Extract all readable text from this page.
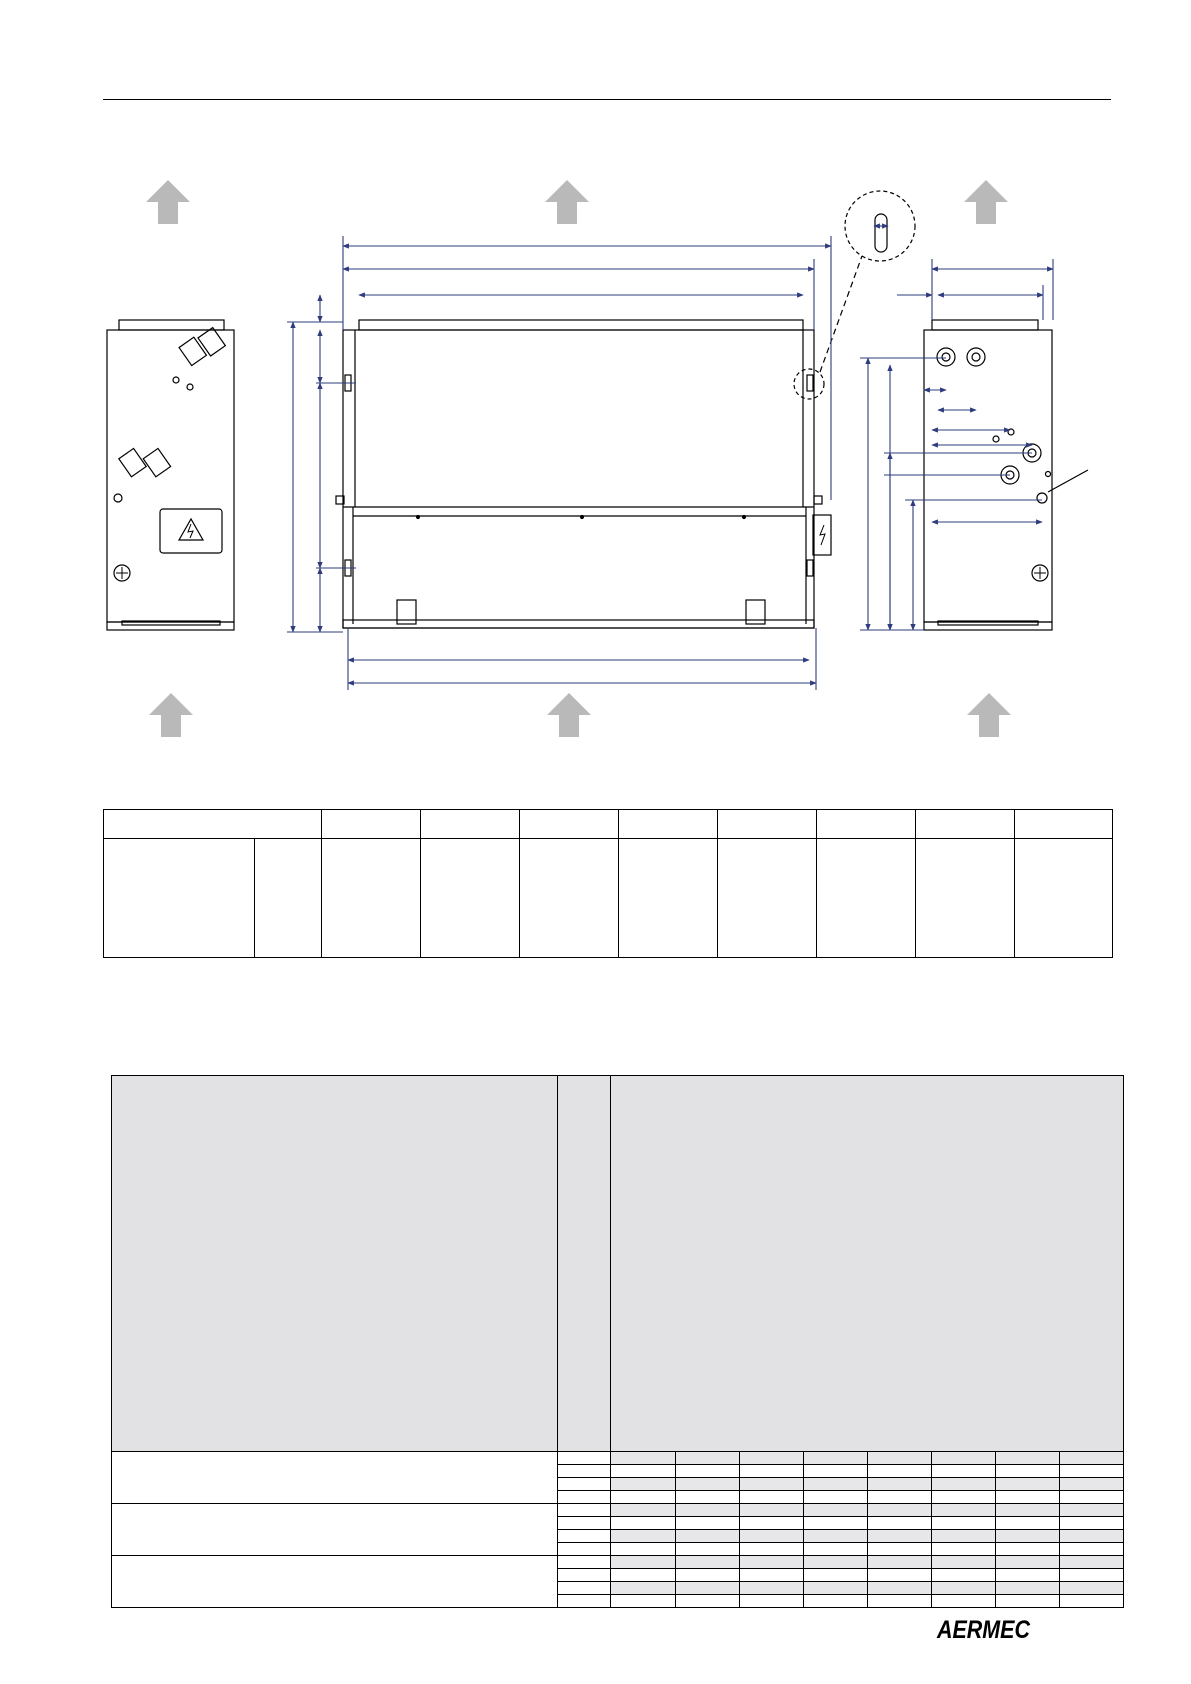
AERMEC
